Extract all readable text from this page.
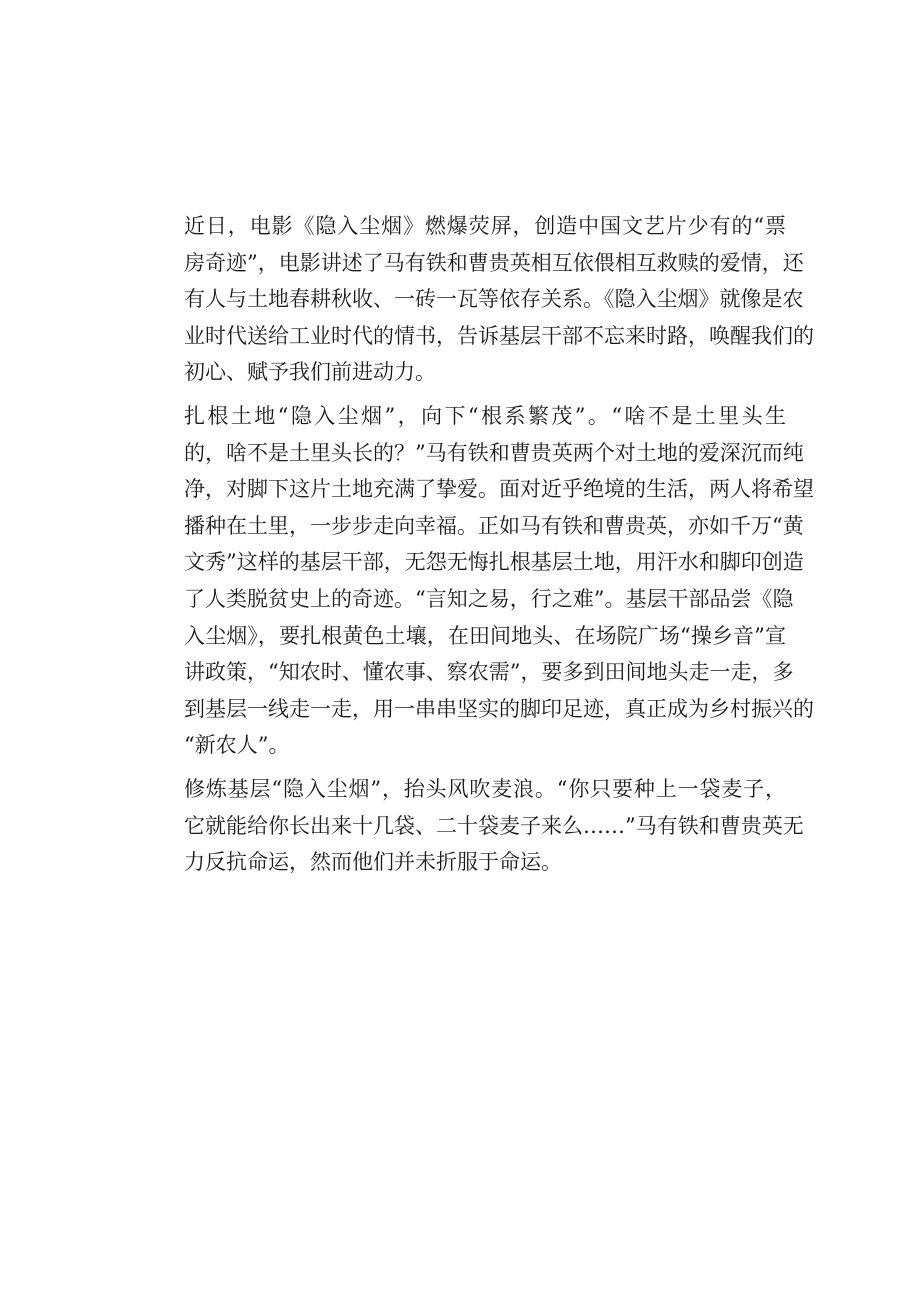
近日，电影《隐入尘烟》燃爆荧屏，创造中国文艺片少有的“票
房奇迹”，电影讲述了马有铁和曹贵英相互依偎相互救赎的爱情，还
有人与土地春耕秋收、一砖一瓦等依存关系。《隐入尘烟》就像是农
业时代送给工业时代的情书，告诉基层干部不忘来时路，唤醒我们的
初心、赋予我们前进动力。

扎根土地“隐入尘烟”，向下“根系繁茂”。“啥不是土里头生
的，啥不是土里头长的？”马有铁和曹贵英两个对土地的爱深沉而纯
净，对脚下这片土地充满了挚爱。面对近乎绝境的生活，两人将希望
播种在土里，一步步走向幸福。正如马有铁和曹贵英，亦如千万“黄
文秀”这样的基层干部，无怨无悔扎根基层土地，用汗水和脚印创造
了人类脱贫史上的奇迹。“言知之易，行之难”。基层干部品尝《隐
入尘烟》，要扎根黄色土壤，在田间地头、在场院广场“操乡音”宣
讲政策，“知农时、懂农事、察农需”，要多到田间地头走一走，多
到基层一线走一走，用一串串坚实的脚印足迹，真正成为乡村振兴的
“新农人”。

修炼基层“隐入尘烟”，抬头风吹麦浪。“你只要种上一袋麦子，
它就能给你长出来十几袋、二十袋麦子来么……”马有铁和曹贵英无
力反抗命运，然而他们并未折服于命运。
